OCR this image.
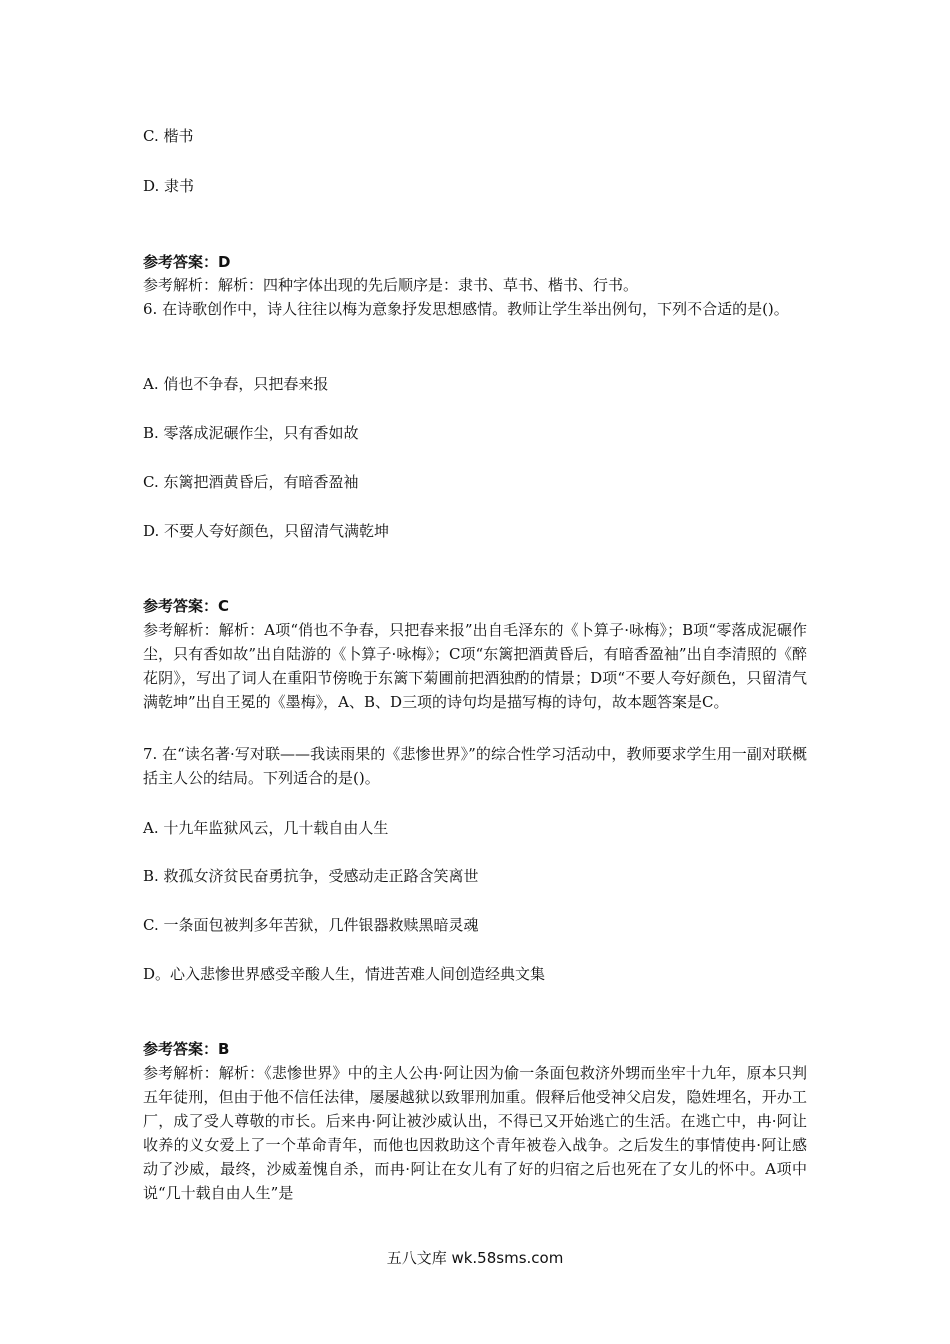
C. 楷书
D. 隶书
参考答案：D
参考解析：解析：四种字体出现的先后顺序是：隶书、草书、楷书、行书。
6. 在诗歌创作中，诗人往往以梅为意象抒发思想感情。教师让学生举出例句，下列不合适的是()。
A. 俏也不争春，只把春来报
B. 零落成泥碾作尘，只有香如故
C. 东篱把酒黄昏后，有暗香盈袖
D. 不要人夸好颜色，只留清气满乾坤
参考答案：C
参考解析：解析：A项“俏也不争春，只把春来报”出自毛泽东的《卜算子·咏梅》；B项“零落成泥碾作尘，只有香如故”出自陆游的《卜算子·咏梅》；C项“东篱把酒黄昏后，有暗香盈袖”出自李清照的《醉花阴》，写出了词人在重阳节傍晚于东篱下菊圃前把酒独酌的情景；D项“不要人夸好颜色，只留清气满乾坤”出自王冕的《墨梅》，A、B、D三项的诗句均是描写梅的诗句，故本题答案是C。
7. 在“读名著·写对联——我读雨果的《悲惨世界》”的综合性学习活动中，教师要求学生用一副对联概括主人公的结局。下列适合的是()。
A. 十九年监狱风云，几十载自由人生
B. 救孤女济贫民奋勇抗争，受感动走正路含笑离世
C. 一条面包被判多年苦狱，几件银器救赎黑暗灵魂
D。心入悲惨世界感受辛酸人生，情进苦难人间创造经典文集
参考答案：B
参考解析：解析：《悲惨世界》中的主人公冉·阿让因为偷一条面包救济外甥而坐牢十九年，原本只判五年徒刑，但由于他不信任法律，屡屡越狱以致罪刑加重。假释后他受神父启发，隐姓埋名，开办工厂，成了受人尊敬的市长。后来冉·阿让被沙威认出，不得已又开始逃亡的生活。在逃亡中，冉·阿让收养的义女爱上了一个革命青年，而他也因救助这个青年被卷入战争。之后发生的事情使冉·阿让感动了沙威，最终，沙威羞愧自杀，而冉·阿让在女儿有了好的归宿之后也死在了女儿的怀中。A项中说“几十载自由人生”是
五八文库 wk.58sms.com
